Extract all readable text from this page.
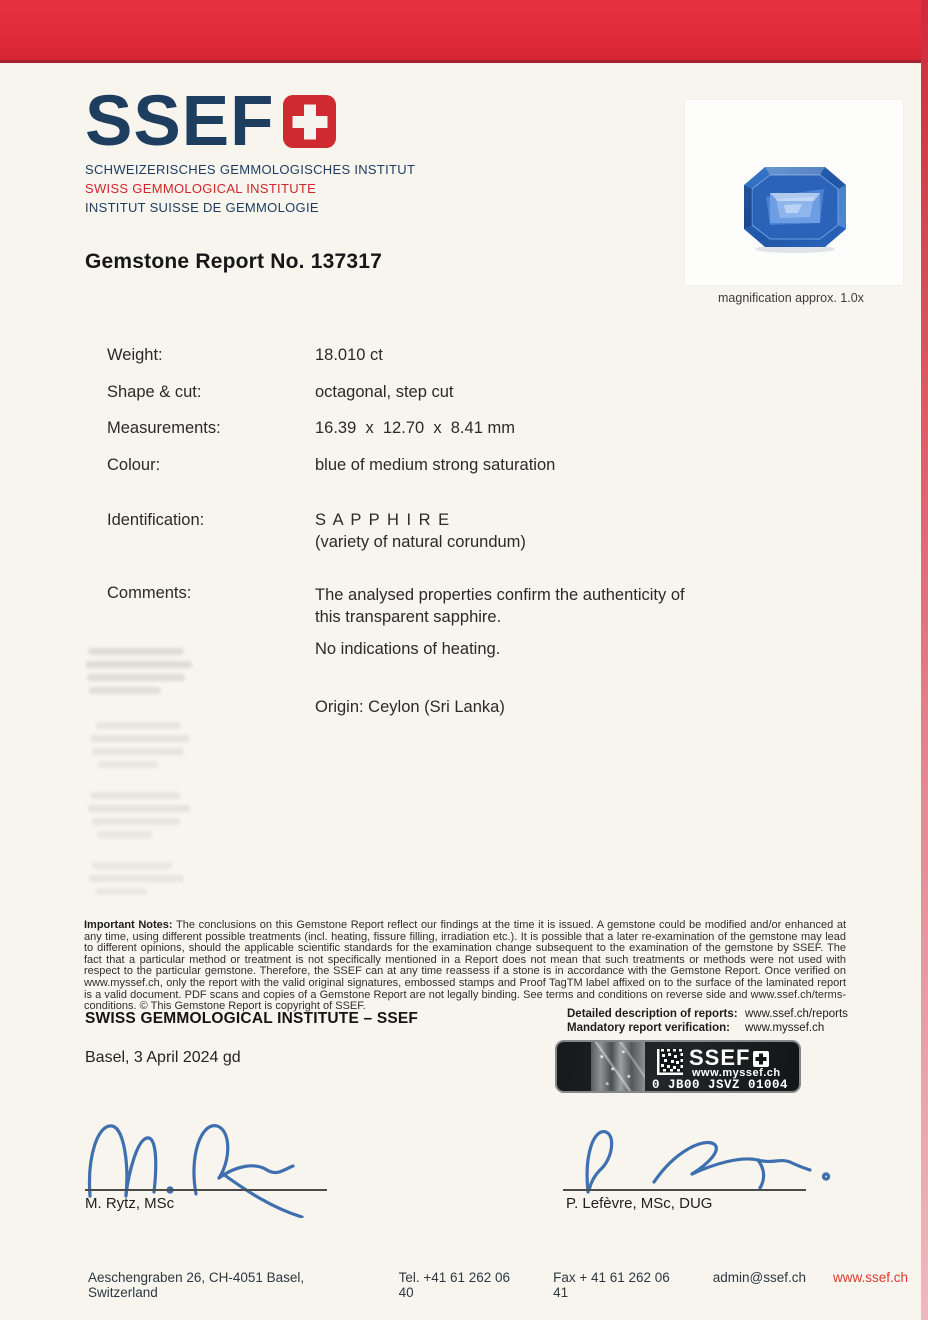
SSEF
SCHWEIZERISCHES GEMMOLOGISCHES INSTITUT
SWISS GEMMOLOGICAL INSTITUTE
INSTITUT SUISSE DE GEMMOLOGIE
magnification approx. 1.0x
Gemstone Report No. 137317
Weight:	18.010 ct
Shape & cut:	octagonal, step cut
Measurements:	16.39  x  12.70  x  8.41 mm
Colour:	blue of medium strong saturation
Identification:	S A P P H I R E
(variety of natural corundum)
Comments:	The analysed properties confirm the authenticity of this transparent sapphire.
No indications of heating.
Origin: Ceylon (Sri Lanka)

Important Notes: The conclusions on this Gemstone Report reflect our findings at the time it is issued. A gemstone could be modified and/or enhanced at any time, using different possible treatments (incl. heating, fissure filling, irradiation etc.). It is possible that a later re-examination of the gemstone may lead to different opinions, should the applicable scientific standards for the examination change subsequent to the examination of the gemstone by SSEF. The fact that a particular method or treatment is not specifically mentioned in a Report does not mean that such treatments or methods were not used with respect to the particular gemstone. Therefore, the SSEF can at any time reassess if a stone is in accordance with the Gemstone Report. Once verified on www.myssef.ch, only the report with the valid original signatures, embossed stamps and Proof TagTM label affixed on to the surface of the laminated report is a valid document. PDF scans and copies of a Gemstone Report are not legally binding. See terms and conditions on reverse side and www.ssef.ch/terms-conditions. © This Gemstone Report is copyright of SSEF.

SWISS GEMMOLOGICAL INSTITUTE – SSEF
Basel, 3 April 2024 gd
Detailed description of reports: www.ssef.ch/reports
Mandatory report verification:	www.myssef.ch
SSEF
www.myssef.ch
0 JB00 JSVZ 01004
M. Rytz, MSc	P. Lefèvre, MSc, DUG
Aeschengraben 26, CH-4051 Basel, Switzerland
Tel. +41 61 262 06 40
Fax + 41 61 262 06 41
admin@ssef.ch www.ssef.ch
